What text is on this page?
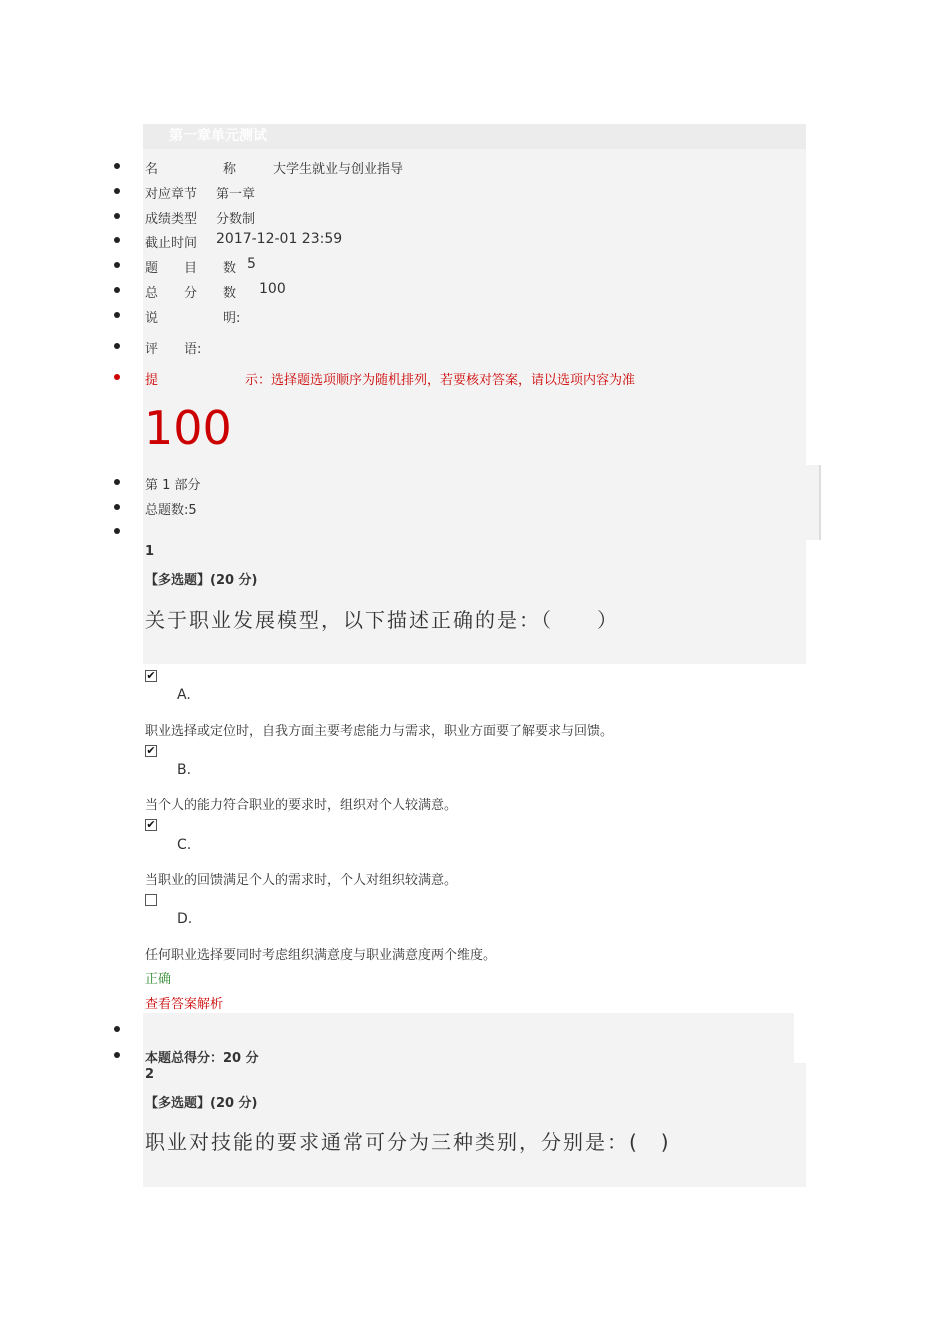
第一章单元测试
名　　　　　称	大学生就业与创业指导
对应章节 第一章
成绩类型 分数制
截止时间 2017-12-01 23:59
题　　目　　数 5
总　　分　　数 100
说　　　　　明:
评　　语:
提	示：选择题选项顺序为随机排列，若要核对答案，请以选项内容为准
100
第 1 部分
总题数:5
1
【多选题】(20 分)
关于职业发展模型，以下描述正确的是：（　　）
✔
A.
职业选择或定位时，自我方面主要考虑能力与需求，职业方面要了解要求与回馈。
✔
B.
当个人的能力符合职业的要求时，组织对个人较满意。
✔
C.
当职业的回馈满足个人的需求时，个人对组织较满意。
D.
任何职业选择要同时考虑组织满意度与职业满意度两个维度。
正确
查看答案解析
本题总得分：20 分
2
【多选题】(20 分)
职业对技能的要求通常可分为三种类别，分别是：(　)
